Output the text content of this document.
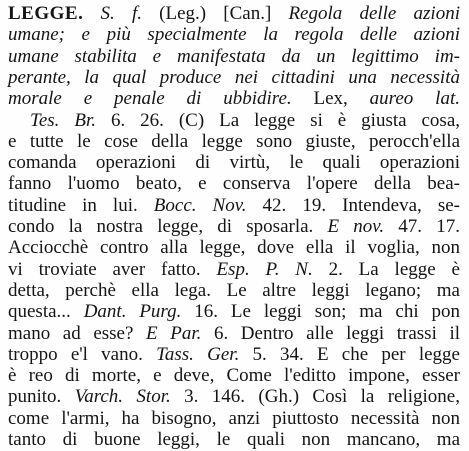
LEGGE. S. f. (Leg.) [Can.] Regola delle azioni
umane; e più specialmente la regola delle azioni
umane stabilita e manifestata da un legittimo im-
perante, la qual produce nei cittadini una necessità
morale e penale di ubbidire. Lex, aureo lat.
Tes. Br. 6. 26. (C) La legge si è giusta cosa,
e tutte le cose della legge sono giuste, perocch'ella
comanda operazioni di virtù, le quali operazioni
fanno l'uomo beato, e conserva l'opere della bea-
titudine in lui. Bocc. Nov. 42. 19. Intendeva, se-
condo la nostra legge, di sposarla. E nov. 47. 17.
Acciocchè contro alla legge, dove ella il voglia, non
vi troviate aver fatto. Esp. P. N. 2. La legge è
detta, perchè ella lega. Le altre leggi legano; ma
questa... Dant. Purg. 16. Le leggi son; ma chi pon
mano ad esse? E Par. 6. Dentro alle leggi trassi il
troppo e'l vano. Tass. Ger. 5. 34. E che per legge
è reo di morte, e deve, Come l'editto impone, esser
punito. Varch. Stor. 3. 146. (Gh.) Così la religione,
come l'armi, ha bisogno, anzi piuttosto necessità non
tanto di buone leggi, le quali non mancano, ma
